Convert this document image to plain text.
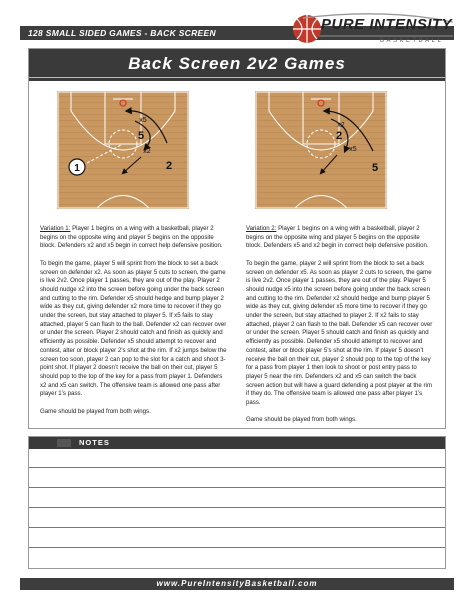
128 SMALL SIDED GAMES - BACK SCREEN	PURE INTENSITY
BASKETBALL
Back Screen 2v2 Games
1	2
5
x2
x5
2
5
x2
x5

Variation 1: Player 1 begins on a wing with a basketball, player 2 begins on the opposite wing and player 5 begins on the opposite block. Defenders x2 and x5 begin in correct help defensive position.

To begin the game, player 5 will sprint from the block to set a back screen on defender x2. As soon as player 5 cuts to screen, the game is live 2v2. Once player 1 passes, they are out of the play. Player 2 should nudge x2 into the screen before going under the back screen and cutting to the rim. Defender x5 should hedge and bump player 2 wide as they cut, giving defender x2 more time to recover if they go under the screen, but stay attached to player 5. If x5 fails to stay attached, player 5 can flash to the ball. Defender x2 can recover over or under the screen. Player 2 should catch and finish as quickly and efficiently as possible. Defender x5 should attempt to recover and contest, alter or block player 2’s shot at the rim. If x2 jumps below the screen too soon, player 2 can pop to the slot for a catch and shoot 3-point shot. If player 2 doesn’t receive the ball on their cut, player 5 should pop to the top of the key for a pass from player 1. Defenders x2 and x5 can switch. The offensive team is allowed one pass after player 1’s pass.

Game should be played from both wings.

Variation 2: Player 1 begins on a wing with a basketball, player 2 begins on the opposite wing and player 5 begins on the opposite block. Defenders x5 and x2 begin in correct help defensive position.

To begin the game, player 2 will sprint from the block to set a back screen on defender x5. As soon as player 2 cuts to screen, the game is live 2v2. Once player 1 passes, they are out of the play. Player 5 should nudge x5 into the screen before going under the back screen and cutting to the rim. Defender x2 should hedge and bump player 5 wide as they cut, giving defender x5 more time to recover if they go under the screen, but stay attached to player 2. If x2 fails to stay attached, player 2 can flash to the ball. Defender x5 can recover over or under the screen. Player 5 should catch and finish as quickly and efficiently as possible. Defender x5 should attempt to recover and contest, alter or block player 5’s shot at the rim. If player 5 doesn’t receive the ball on their cut, player 2 should pop to the top of the key for a pass from player 1 then look to shoot or post entry pass to player 5 near the rim. Defenders x2 and x5 can switch the back screen action but will have a guard defending a post player at the rim if they do. The offensive team is allowed one pass after player 1’s pass.

Game should be played from both wings.

NOTES
www.PureIntensityBasketball.com
